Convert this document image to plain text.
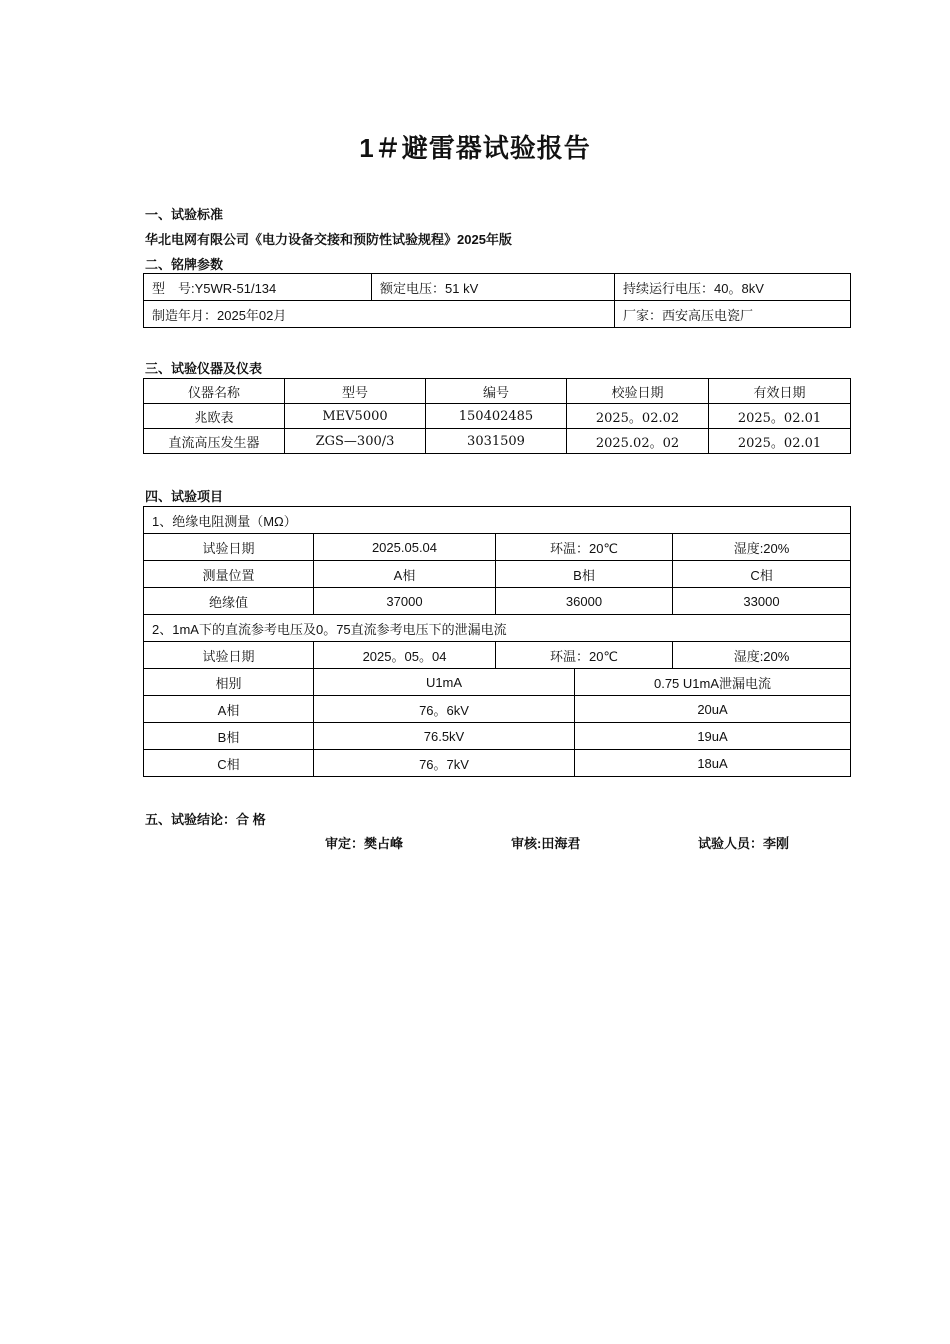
1＃避雷器试验报告
一、试验标准
华北电网有限公司《电力设备交接和预防性试验规程》2025年版
二、铭牌参数
型　号:Y5WR-51/134	额定电压：51 kV	持续运行电压：40。8kV
制造年月：2025年02月		厂家：西安高压电瓷厂
三、试验仪器及仪表
仪器名称	型号	编号	校验日期	有效日期
兆欧表	MEV5000	150402485	2025。02.02	2025。02.01
直流高压发生器	ZGS—300/3	3031509	2025.02。02	2025。02.01
四、试验项目
1、绝缘电阻测量（MΩ）				
试验日期	2025.05.04	环温：20℃		湿度:20%
测量位置	A相	B相		C相
绝缘值	37000	36000		33000
2、1mA下的直流参考电压及0。75直流参考电压下的泄漏电流				
试验日期	2025。05。04	环温：20℃		湿度:20%
相别	U1mA		0.75 U1mA泄漏电流	
A相	76。6kV		20uA	
B相	76.5kV		19uA	
C相	76。7kV		18uA	
五、试验结论：合 格
审定：樊占峰	审核:田海君	试验人员：李刚
